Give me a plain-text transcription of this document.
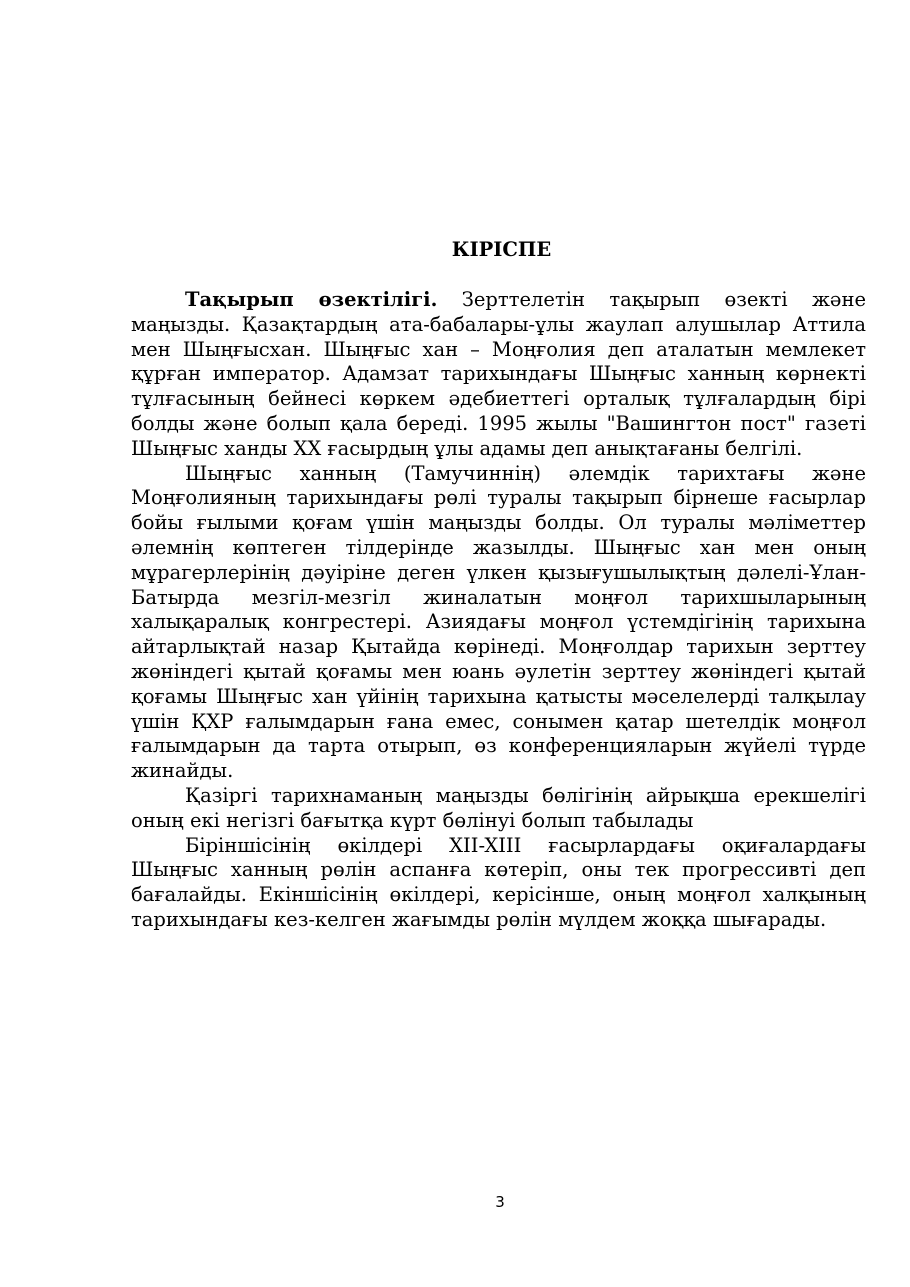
КІРІСПЕ

Тақырып өзектілігі. Зерттелетін тақырып өзекті және маңызды. Қазақтардың ата-бабалары-ұлы жаулап алушылар Аттила мен Шыңғысхан. Шыңғыс хан – Моңғолия деп аталатын мемлекет құрған император. Адамзат тарихындағы Шыңғыс ханның көрнекті тұлғасының бейнесі көркем әдебиеттегі орталық тұлғалардың бірі болды және болып қала береді. 1995 жылы "Вашингтон пост" газеті Шыңғыс ханды ХХ ғасырдың ұлы адамы деп анықтағаны белгілі.

Шыңғыс ханның (Тамучиннің) әлемдік тарихтағы және Моңғолияның тарихындағы рөлі туралы тақырып бірнеше ғасырлар бойы ғылыми қоғам үшін маңызды болды. Ол туралы мәліметтер әлемнің көптеген тілдерінде жазылды. Шыңғыс хан мен оның мұрагерлерінің дәуіріне деген үлкен қызығушылықтың дәлелі-Ұлан-Батырда мезгіл-мезгіл жиналатын моңғол тарихшыларының халықаралық конгрестері. Азиядағы моңғол үстемдігінің тарихына айтарлықтай назар Қытайда көрінеді. Моңғолдар тарихын зерттеу жөніндегі қытай қоғамы мен юань әулетін зерттеу жөніндегі қытай қоғамы Шыңғыс хан үйінің тарихына қатысты мәселелерді талқылау үшін ҚХР ғалымдарын ғана емес, сонымен қатар шетелдік моңғол ғалымдарын да тарта отырып, өз конференцияларын жүйелі түрде жинайды.

Қазіргі тарихнаманың маңызды бөлігінің айрықша ерекшелігі оның екі негізгі бағытқа күрт бөлінуі болып табылады

Біріншісінің өкілдері XII-XIII ғасырлардағы оқиғалардағы Шыңғыс ханның рөлін аспанға көтеріп, оны тек прогрессивті деп бағалайды. Екіншісінің өкілдері, керісінше, оның моңғол халқының тарихындағы кез-келген жағымды рөлін мүлдем жоққа шығарады.

3
